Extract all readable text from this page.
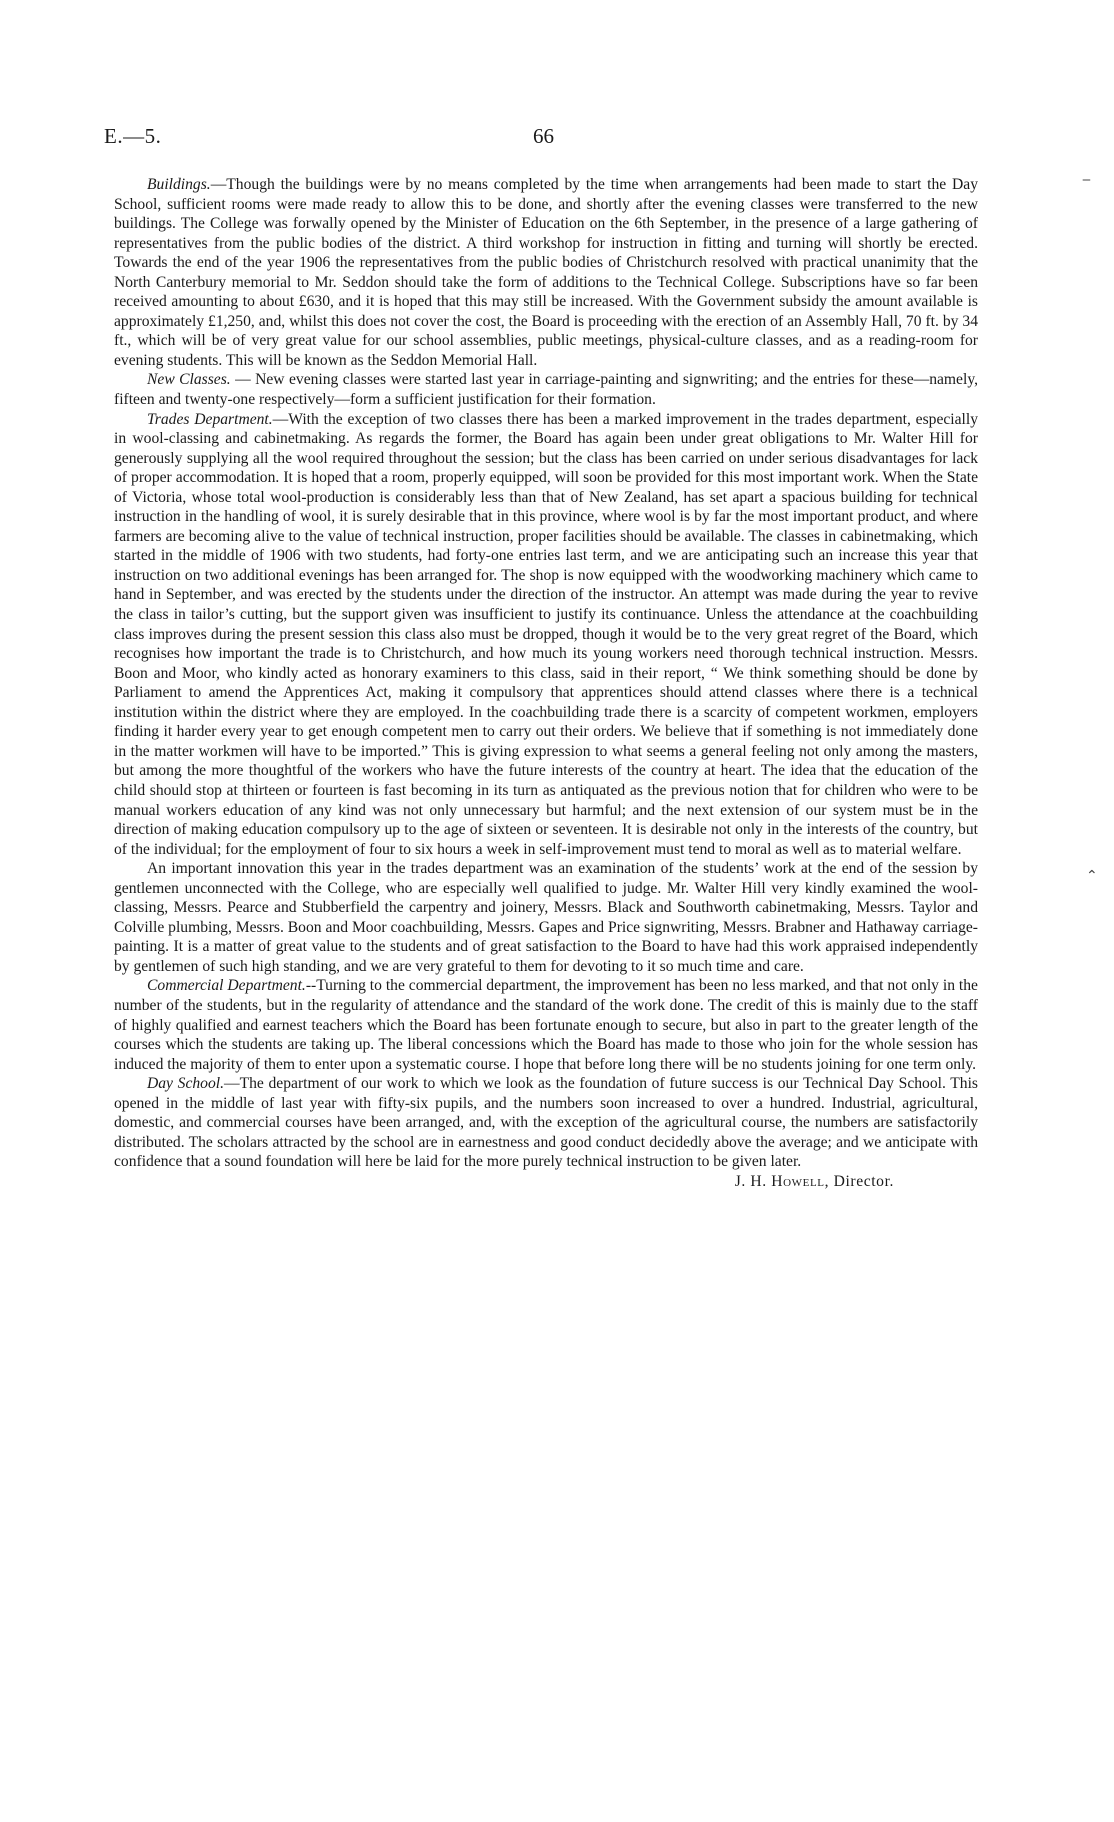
E.—5.	66
‒
⌃

Buildings.—Though the buildings were by no means completed by the time when arrangements had been made to start the Day School, sufficient rooms were made ready to allow this to be done, and shortly after the evening classes were transferred to the new buildings. The College was forwally opened by the Minister of Education on the 6th September, in the presence of a large gathering of representatives from the public bodies of the district. A third workshop for instruction in fitting and turning will shortly be erected. Towards the end of the year 1906 the representatives from the public bodies of Christchurch resolved with practical unanimity that the North Canterbury memorial to Mr. Seddon should take the form of additions to the Technical College. Subscriptions have so far been received amounting to about £630, and it is hoped that this may still be increased. With the Government subsidy the amount available is approximately £1,250, and, whilst this does not cover the cost, the Board is proceeding with the erection of an Assembly Hall, 70 ft. by 34 ft., which will be of very great value for our school assemblies, public meetings, physical-culture classes, and as a reading-room for evening students. This will be known as the Seddon Memorial Hall.

New Classes. — New evening classes were started last year in carriage-painting and signwriting; and the entries for these—namely, fifteen and twenty-one respectively—form a sufficient justification for their formation.

Trades Department.—With the exception of two classes there has been a marked improvement in the trades department, especially in wool-classing and cabinetmaking. As regards the former, the Board has again been under great obligations to Mr. Walter Hill for generously supplying all the wool required throughout the session; but the class has been carried on under serious disadvantages for lack of proper accommodation. It is hoped that a room, properly equipped, will soon be provided for this most important work. When the State of Victoria, whose total wool-production is considerably less than that of New Zealand, has set apart a spacious building for technical instruction in the handling of wool, it is surely desirable that in this province, where wool is by far the most important product, and where farmers are becoming alive to the value of technical instruction, proper facilities should be available. The classes in cabinetmaking, which started in the middle of 1906 with two students, had forty-one entries last term, and we are anticipating such an increase this year that instruction on two additional evenings has been arranged for. The shop is now equipped with the woodworking machinery which came to hand in September, and was erected by the students under the direction of the instructor. An attempt was made during the year to revive the class in tailor’s cutting, but the support given was insufficient to justify its continuance. Unless the attendance at the coachbuilding class improves during the present session this class also must be dropped, though it would be to the very great regret of the Board, which recognises how important the trade is to Christchurch, and how much its young workers need thorough technical instruction. Messrs. Boon and Moor, who kindly acted as honorary examiners to this class, said in their report, “ We think something should be done by Parliament to amend the Apprentices Act, making it compulsory that apprentices should attend classes where there is a technical institution within the district where they are employed. In the coachbuilding trade there is a scarcity of competent workmen, employers finding it harder every year to get enough competent men to carry out their orders. We believe that if something is not immediately done in the matter workmen will have to be imported.” This is giving expression to what seems a general feeling not only among the masters, but among the more thoughtful of the workers who have the future interests of the country at heart. The idea that the education of the child should stop at thirteen or fourteen is fast becoming in its turn as antiquated as the previous notion that for children who were to be manual workers education of any kind was not only unnecessary but harmful; and the next extension of our system must be in the direction of making education compulsory up to the age of sixteen or seventeen. It is desirable not only in the interests of the country, but of the individual; for the employment of four to six hours a week in self-improvement must tend to moral as well as to material welfare.

An important innovation this year in the trades department was an examination of the students’ work at the end of the session by gentlemen unconnected with the College, who are especially well qualified to judge. Mr. Walter Hill very kindly examined the wool-classing, Messrs. Pearce and Stubberfield the carpentry and joinery, Messrs. Black and Southworth cabinetmaking, Messrs. Taylor and Colville plumbing, Messrs. Boon and Moor coachbuilding, Messrs. Gapes and Price signwriting, Messrs. Brabner and Hathaway carriage-painting. It is a matter of great value to the students and of great satisfaction to the Board to have had this work appraised independently by gentlemen of such high standing, and we are very grateful to them for devoting to it so much time and care.

Commercial Department.--Turning to the commercial department, the improvement has been no less marked, and that not only in the number of the students, but in the regularity of attendance and the standard of the work done. The credit of this is mainly due to the staff of highly qualified and earnest teachers which the Board has been fortunate enough to secure, but also in part to the greater length of the courses which the students are taking up. The liberal concessions which the Board has made to those who join for the whole session has induced the majority of them to enter upon a systematic course. I hope that before long there will be no students joining for one term only.

Day School.—The department of our work to which we look as the foundation of future success is our Technical Day School. This opened in the middle of last year with fifty-six pupils, and the numbers soon increased to over a hundred. Industrial, agricultural, domestic, and commercial courses have been arranged, and, with the exception of the agricultural course, the numbers are satisfactorily distributed. The scholars attracted by the school are in earnestness and good conduct decidedly above the average; and we anticipate with confidence that a sound foundation will here be laid for the more purely technical instruction to be given later.

J. H. Howell, Director.
